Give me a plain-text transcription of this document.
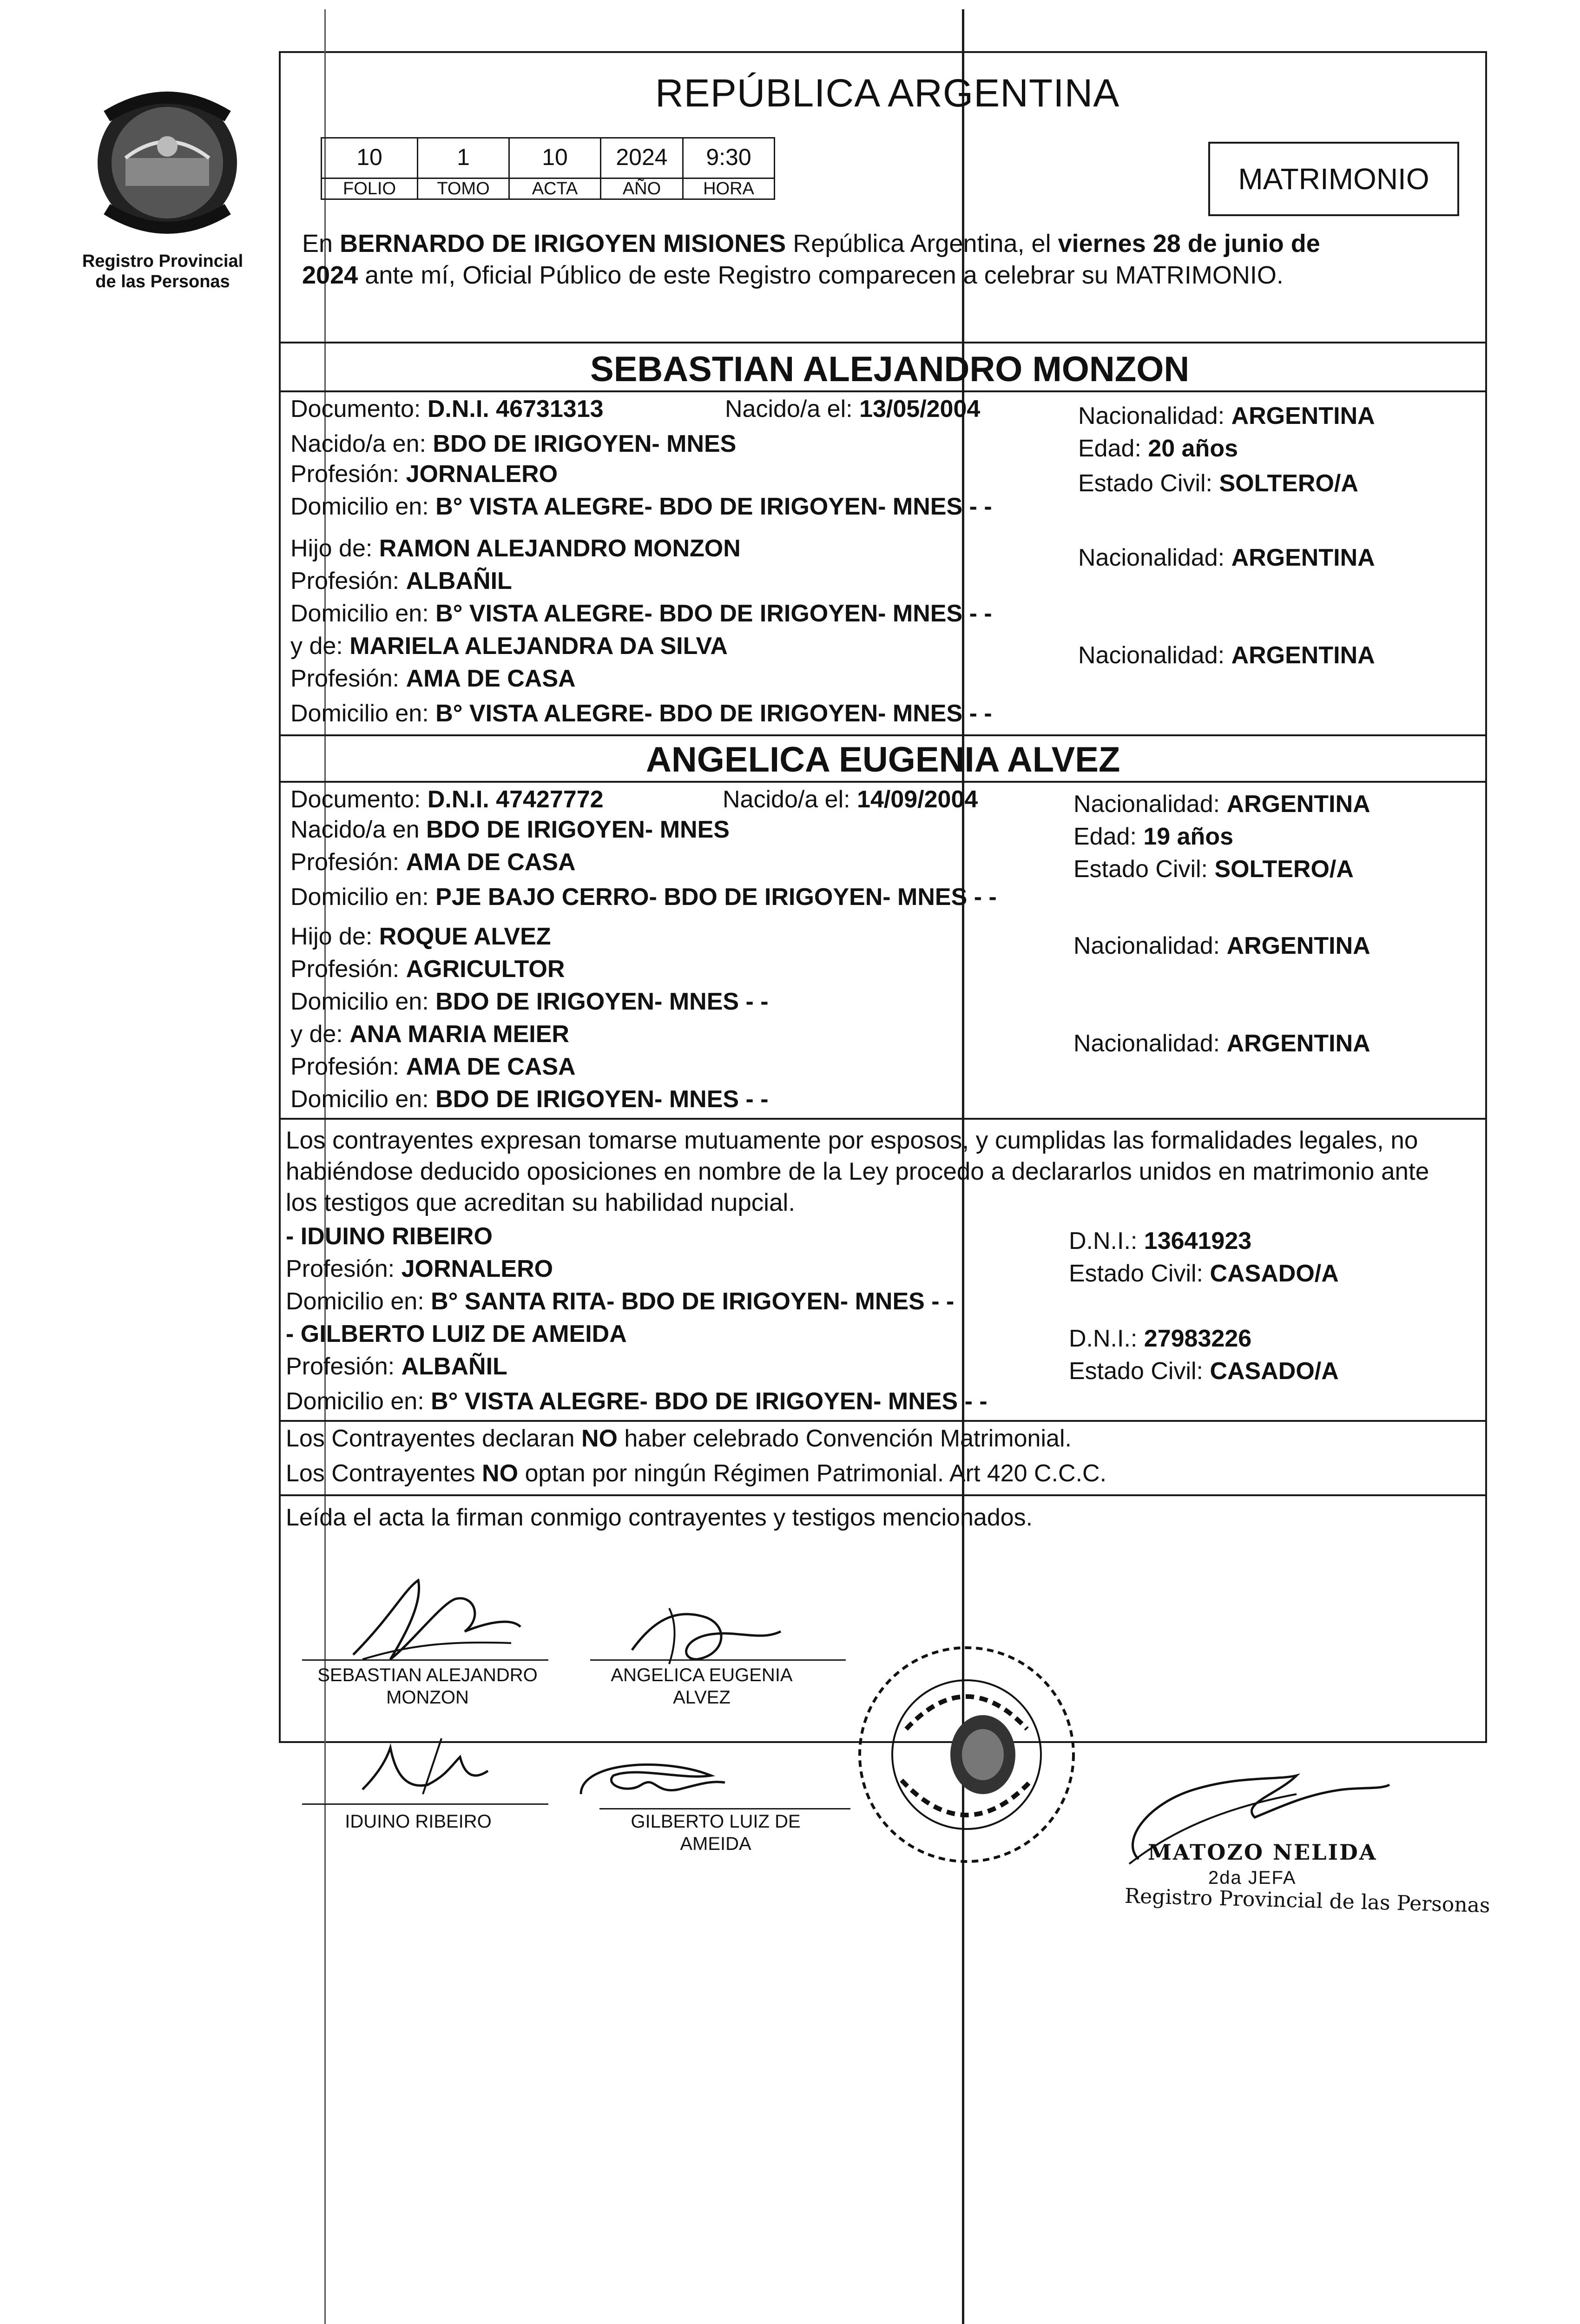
Registro Provincial
de las Personas
REPÚBLICA ARGENTINA
10	1	10	2024	9:30
FOLIO	TOMO	ACTA	AÑO	HORA	MATRIMONIO
En BERNARDO DE IRIGOYEN MISIONES República Argentina, el viernes 28 de junio de
2024 ante mí, Oficial Público de este Registro comparecen a celebrar su MATRIMONIO.
SEBASTIAN ALEJANDRO MONZON
Documento: D.N.I. 46731313	Nacido/a el: 13/05/2004	Nacionalidad: ARGENTINA
Nacido/a en: BDO DE IRIGOYEN- MNES	Edad: 20 años
Profesión: JORNALERO	Estado Civil: SOLTERO/A
Domicilio en: B° VISTA ALEGRE- BDO DE IRIGOYEN- MNES - -
Hijo de: RAMON ALEJANDRO MONZON	Nacionalidad: ARGENTINA
Profesión: ALBAÑIL
Domicilio en: B° VISTA ALEGRE- BDO DE IRIGOYEN- MNES - -
y de: MARIELA ALEJANDRA DA SILVA	Nacionalidad: ARGENTINA
Profesión: AMA DE CASA
Domicilio en: B° VISTA ALEGRE- BDO DE IRIGOYEN- MNES - -
ANGELICA EUGENIA ALVEZ
Documento: D.N.I. 47427772	Nacido/a el: 14/09/2004	Nacionalidad: ARGENTINA
Nacido/a en BDO DE IRIGOYEN- MNES	Edad: 19 años
Profesión: AMA DE CASA	Estado Civil: SOLTERO/A
Domicilio en: PJE BAJO CERRO- BDO DE IRIGOYEN- MNES - -
Hijo de: ROQUE ALVEZ	Nacionalidad: ARGENTINA
Profesión: AGRICULTOR
Domicilio en: BDO DE IRIGOYEN- MNES - -
y de: ANA MARIA MEIER	Nacionalidad: ARGENTINA
Profesión: AMA DE CASA
Domicilio en: BDO DE IRIGOYEN- MNES - -
Los contrayentes expresan tomarse mutuamente por esposos, y cumplidas las formalidades legales, no
habiéndose deducido oposiciones en nombre de la Ley procedo a declararlos unidos en matrimonio ante
los testigos que acreditan su habilidad nupcial.
- IDUINO RIBEIRO	D.N.I.: 13641923
Profesión: JORNALERO	Estado Civil: CASADO/A
Domicilio en: B° SANTA RITA- BDO DE IRIGOYEN- MNES - -
- GILBERTO LUIZ DE AMEIDA	D.N.I.: 27983226
Profesión: ALBAÑIL	Estado Civil: CASADO/A
Domicilio en: B° VISTA ALEGRE- BDO DE IRIGOYEN- MNES - -
Los Contrayentes declaran NO haber celebrado Convención Matrimonial.
Los Contrayentes NO optan por ningún Régimen Patrimonial. Art 420 C.C.C.
Leída el acta la firman conmigo contrayentes y testigos mencionados.
SEBASTIAN ALEJANDRO
MONZON
ANGELICA EUGENIA
ALVEZ
IDUINO RIBEIRO	GILBERTO LUIZ DE
AMEIDA	MATOZO NELIDA
2da JEFA
Registro Provincial de las Personas
